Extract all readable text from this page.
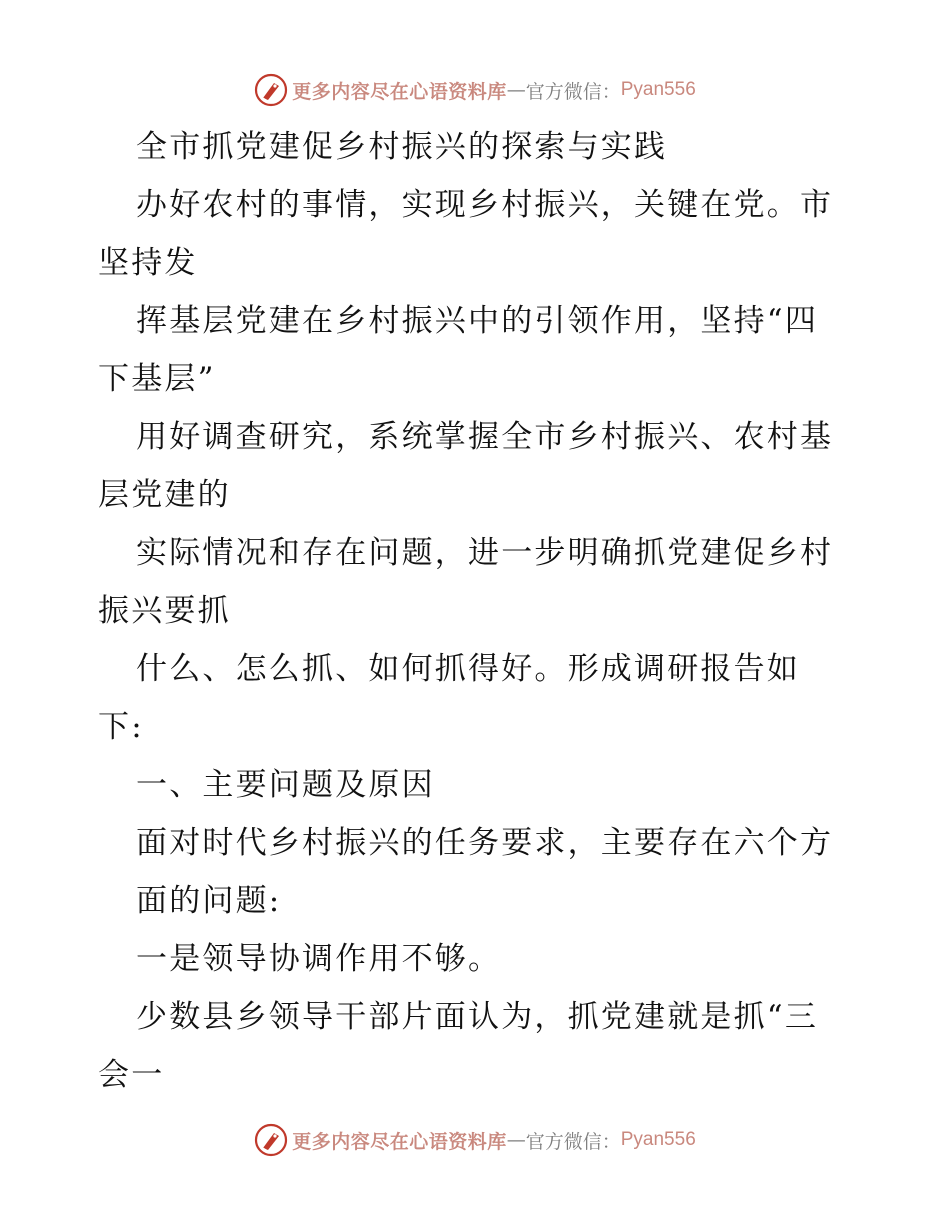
更多内容尽在心语资料库 — 官方微信： Pyan556
全市抓党建促乡村振兴的探索与实践
办好农村的事情，实现乡村振兴，关键在党。市
坚持发
挥基层党建在乡村振兴中的引领作用，坚持“四
下基层”
用好调查研究，系统掌握全市乡村振兴、农村基
层党建的
实际情况和存在问题，进一步明确抓党建促乡村
振兴要抓
什么、怎么抓、如何抓得好。形成调研报告如
下:
一、主要问题及原因
面对时代乡村振兴的任务要求，主要存在六个方
面的问题:
一是领导协调作用不够。
少数县乡领导干部片面认为，抓党建就是抓“三
会一
更多内容尽在心语资料库 — 官方微信： Pyan556
